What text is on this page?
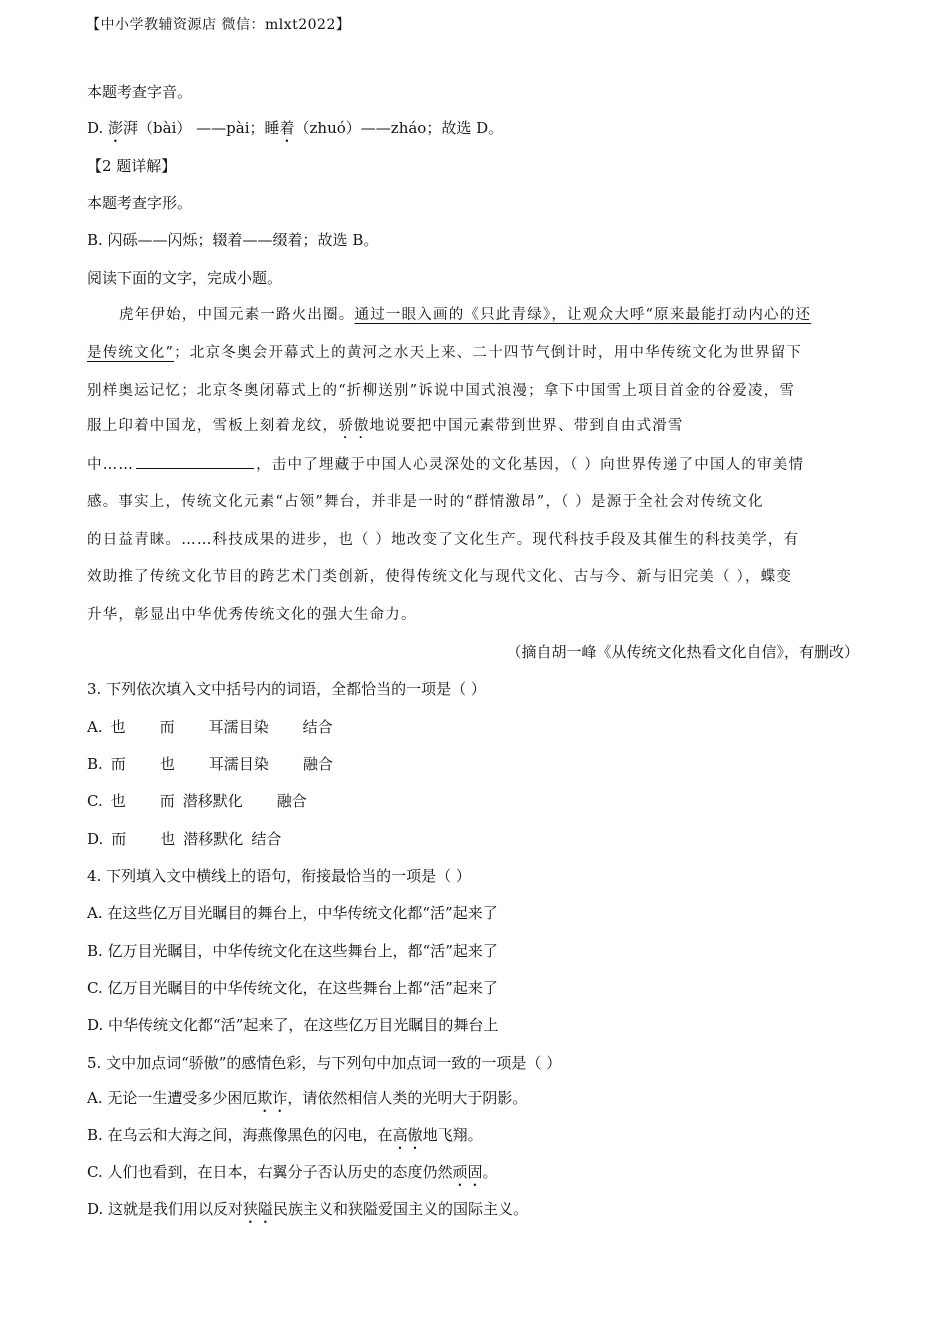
【中小学教辅资源店 微信：mlxt2022】
本题考查字音。
D. 澎湃（bài） ——pài；睡着（zhuó）——zháo；故选 D。
【2 题详解】
本题考查字形。
B. 闪砾——闪烁；辍着——缀着；故选 B。
阅读下面的文字，完成小题。
虎年伊始，中国元素一路火出圈。通过一眼入画的《只此青绿》，让观众大呼“原来最能打动内心的还
是传统文化”；北京冬奥会开幕式上的黄河之水天上来、二十四节气倒计时，用中华传统文化为世界留下
别样奥运记忆；北京冬奥闭幕式上的“折柳送别”诉说中国式浪漫；拿下中国雪上项目首金的谷爱凌，雪
服上印着中国龙，雪板上刻着龙纹，骄傲地说要把中国元素带到世界、带到自由式滑雪
中……	，击中了埋藏于中国人心灵深处的文化基因，（ ）向世界传递了中国人的审美情
感。事实上，传统文化元素“占领”舞台，并非是一时的“群情激昂”，（ ）是源于全社会对传统文化
的日益青睐。……科技成果的进步，也（ ）地改变了文化生产。现代科技手段及其催生的科技美学，有
效助推了传统文化节目的跨艺术门类创新，使得传统文化与现代文化、古与今、新与旧完美（ ），蝶变
升华，彰显出中华优秀传统文化的强大生命力。
（摘自胡一峰《从传统文化热看文化自信》，有删改）
3. 下列依次填入文中括号内的词语，全都恰当的一项是（ ）
A. 也 而 耳濡目染 结合
B. 而 也 耳濡目染 融合
C. 也 而 潜移默化 融合
D. 而 也 潜移默化 结合
4. 下列填入文中横线上的语句，衔接最恰当的一项是（ ）
A. 在这些亿万目光瞩目的舞台上，中华传统文化都“活”起来了
B. 亿万目光瞩目，中华传统文化在这些舞台上，都“活”起来了
C. 亿万目光瞩目的中华传统文化，在这些舞台上都“活”起来了
D. 中华传统文化都“活”起来了，在这些亿万目光瞩目的舞台上
5. 文中加点词“骄傲”的感情色彩，与下列句中加点词一致的一项是（ ）
A. 无论一生遭受多少困厄欺诈，请依然相信人类的光明大于阴影。
B. 在乌云和大海之间，海燕像黑色的闪电，在高傲地飞翔。
C. 人们也看到，在日本，右翼分子否认历史的态度仍然顽固。
D. 这就是我们用以反对狭隘民族主义和狭隘爱国主义的国际主义。
